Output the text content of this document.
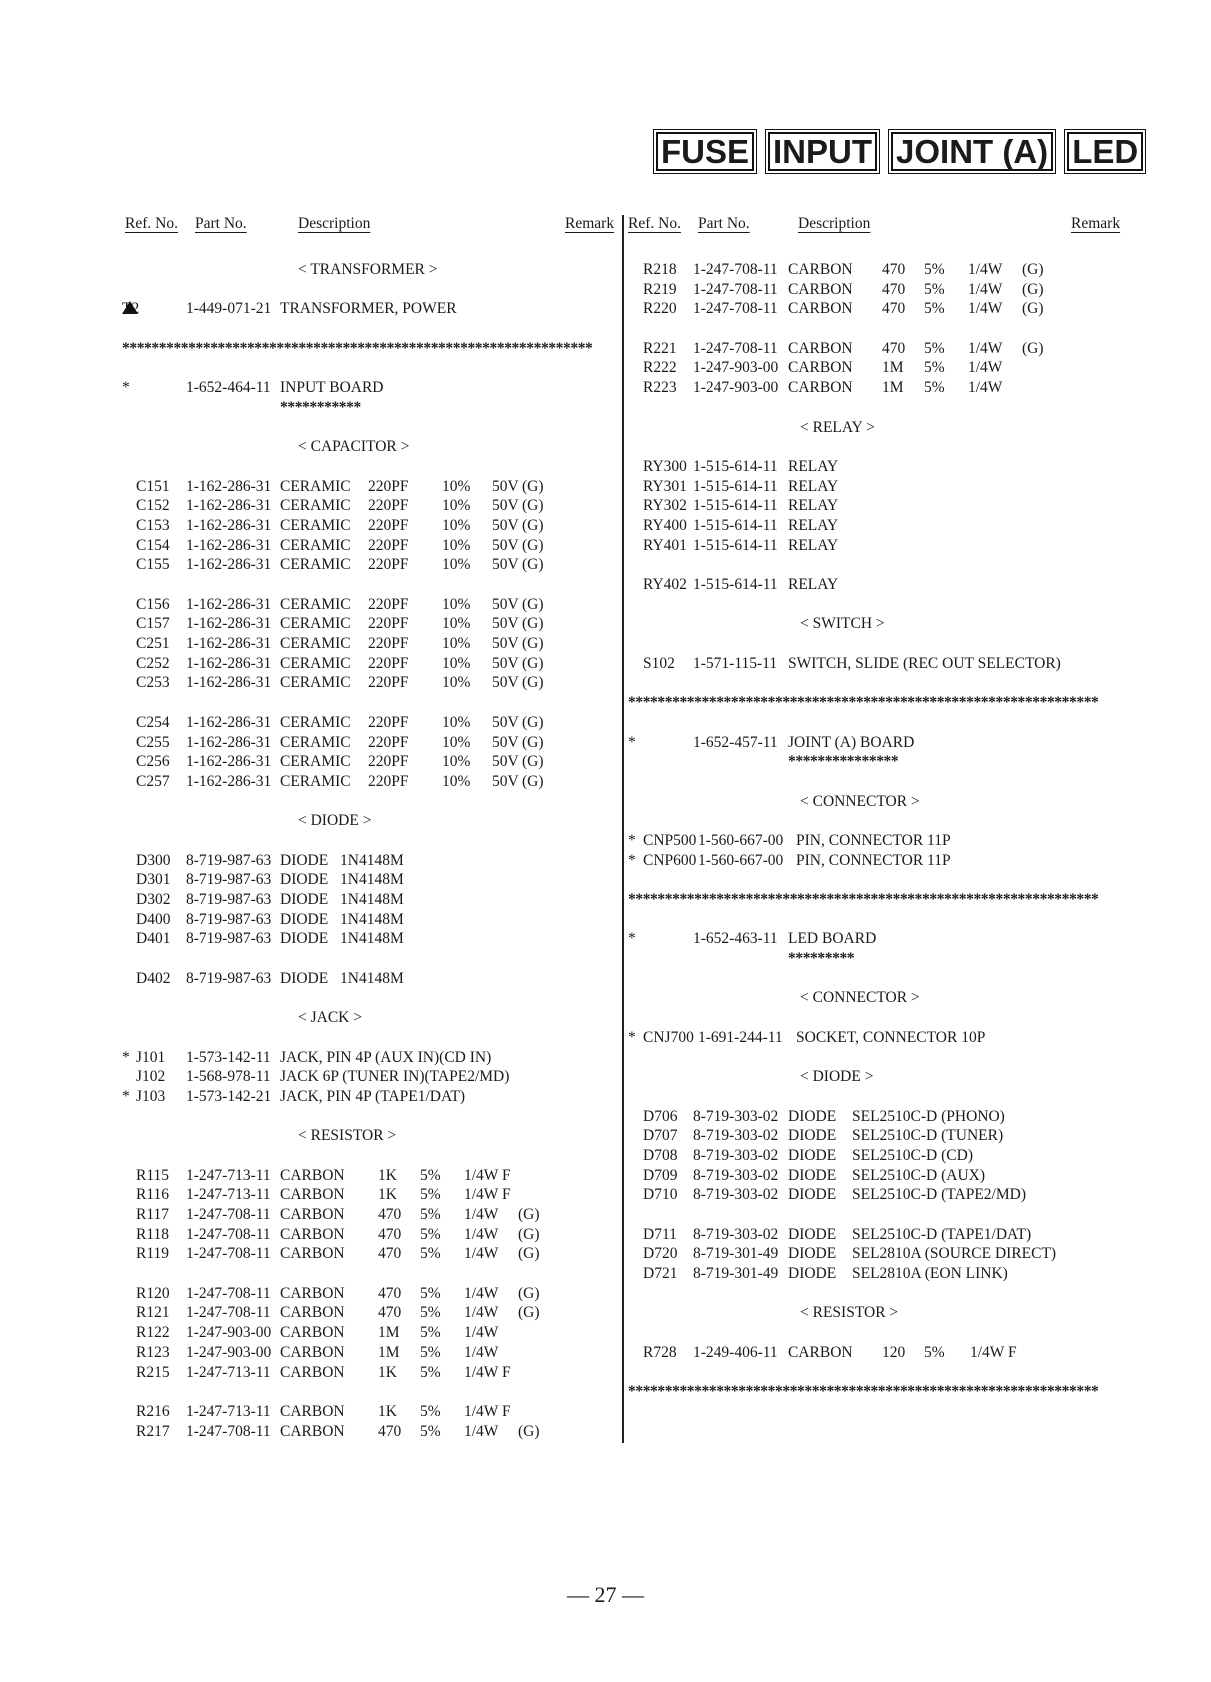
FUSE INPUT JOINT (A) LED
Ref. No. Part No.	Description	Remark
< TRANSFORMER >
T2	1-449-071-21 TRANSFORMER, POWER
****************************************************************
*	1-652-464-11 INPUT BOARD
***********
< CAPACITOR >
C151 1-162-286-31 CERAMIC 220PF 10% 50V (G)
C152 1-162-286-31 CERAMIC 220PF 10% 50V (G)
C153 1-162-286-31 CERAMIC 220PF 10% 50V (G)
C154 1-162-286-31 CERAMIC 220PF 10% 50V (G)
C155 1-162-286-31 CERAMIC 220PF 10% 50V (G)
C156 1-162-286-31 CERAMIC 220PF 10% 50V (G)
C157 1-162-286-31 CERAMIC 220PF 10% 50V (G)
C251 1-162-286-31 CERAMIC 220PF 10% 50V (G)
C252 1-162-286-31 CERAMIC 220PF 10% 50V (G)
C253 1-162-286-31 CERAMIC 220PF 10% 50V (G)
C254 1-162-286-31 CERAMIC 220PF 10% 50V (G)
C255 1-162-286-31 CERAMIC 220PF 10% 50V (G)
C256 1-162-286-31 CERAMIC 220PF 10% 50V (G)
C257 1-162-286-31 CERAMIC 220PF 10% 50V (G)
< DIODE >
D300 8-719-987-63 DIODE 1N4148M
D301 8-719-987-63 DIODE 1N4148M
D302 8-719-987-63 DIODE 1N4148M
D400 8-719-987-63 DIODE 1N4148M
D401 8-719-987-63 DIODE 1N4148M
D402 8-719-987-63 DIODE 1N4148M
< JACK >
* J101 1-573-142-11 JACK, PIN 4P (AUX IN)(CD IN)
J102 1-568-978-11 JACK 6P (TUNER IN)(TAPE2/MD)
* J103 1-573-142-21 JACK, PIN 4P (TAPE1/DAT)
< RESISTOR >
R115 1-247-713-11 CARBON 1K 5% 1/4W F
R116 1-247-713-11 CARBON 1K 5% 1/4W F
R117 1-247-708-11 CARBON 470 5% 1/4W (G)
R118 1-247-708-11 CARBON 470 5% 1/4W (G)
R119 1-247-708-11 CARBON 470 5% 1/4W (G)
R120 1-247-708-11 CARBON 470 5% 1/4W (G)
R121 1-247-708-11 CARBON 470 5% 1/4W (G)
R122 1-247-903-00 CARBON 1M 5% 1/4W
R123 1-247-903-00 CARBON 1M 5% 1/4W
R215 1-247-713-11 CARBON 1K 5% 1/4W F
R216 1-247-713-11 CARBON 1K 5% 1/4W F
R217 1-247-708-11 CARBON 470 5% 1/4W (G)
Ref. No. Part No.	Description	Remark
R218 1-247-708-11 CARBON 470 5% 1/4W (G)
R219 1-247-708-11 CARBON 470 5% 1/4W (G)
R220 1-247-708-11 CARBON 470 5% 1/4W (G)
R221 1-247-708-11 CARBON 470 5% 1/4W (G)
R222 1-247-903-00 CARBON 1M 5% 1/4W
R223 1-247-903-00 CARBON 1M 5% 1/4W
< RELAY >
RY300 1-515-614-11 RELAY
RY301 1-515-614-11 RELAY
RY302 1-515-614-11 RELAY
RY400 1-515-614-11 RELAY
RY401 1-515-614-11 RELAY
RY402 1-515-614-11 RELAY
< SWITCH >
S102 1-571-115-11 SWITCH, SLIDE (REC OUT SELECTOR)
****************************************************************
*	1-652-457-11 JOINT (A) BOARD
***************
< CONNECTOR >
* CNP500 1-560-667-00 PIN, CONNECTOR 11P
* CNP600 1-560-667-00 PIN, CONNECTOR 11P
****************************************************************
*	1-652-463-11 LED BOARD
*********
< CONNECTOR >
* CNJ700 1-691-244-11 SOCKET, CONNECTOR 10P
< DIODE >
D706 8-719-303-02 DIODE SEL2510C-D (PHONO)
D707 8-719-303-02 DIODE SEL2510C-D (TUNER)
D708 8-719-303-02 DIODE SEL2510C-D (CD)
D709 8-719-303-02 DIODE SEL2510C-D (AUX)
D710 8-719-303-02 DIODE SEL2510C-D (TAPE2/MD)
D711 8-719-303-02 DIODE SEL2510C-D (TAPE1/DAT)
D720 8-719-301-49 DIODE SEL2810A (SOURCE DIRECT)
D721 8-719-301-49 DIODE SEL2810A (EON LINK)
< RESISTOR >
R728 1-249-406-11 CARBON 120 5% 1/4W F
****************************************************************
— 27 —
